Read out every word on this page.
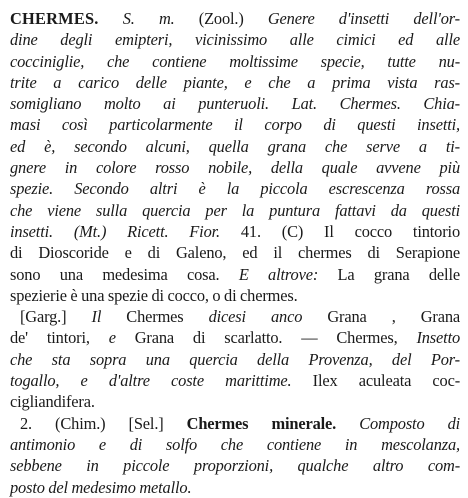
CHERMES. S. m. (Zool.) Genere d'insetti dell'or-
dine degli emipteri, vicinissimo alle cimici ed alle
cocciniglie, che contiene moltissime specie, tutte nu-
trite a carico delle piante, e che a prima vista ras-
somigliano molto ai punteruoli. Lat. Chermes. Chia-
masi così particolarmente il corpo di questi insetti,
ed è, secondo alcuni, quella grana che serve a ti-
gnere in colore rosso nobile, della quale avvene più
spezie. Secondo altri è la piccola escrescenza rossa
che viene sulla quercia per la puntura fattavi da questi
insetti. (Mt.) Ricett. Fior. 41. (C) Il cocco tintorio
di Dioscoride e di Galeno, ed il chermes di Serapione
sono una medesima cosa. E altrove: La grana delle
spezierie è una spezie di cocco, o di chermes.
[Garg.] Il Chermes dicesi anco Grana , Grana
de' tintori, e Grana di scarlatto. — Chermes, Insetto
che sta sopra una quercia della Provenza, del Por-
togallo, e d'altre coste marittime. Ilex aculeata coc-
cigliandifera.
2. (Chim.) [Sel.] Chermes minerale. Composto di
antimonio e di solfo che contiene in mescolanza,
sebbene in piccole proporzioni, qualche altro com-
posto del medesimo metallo.
